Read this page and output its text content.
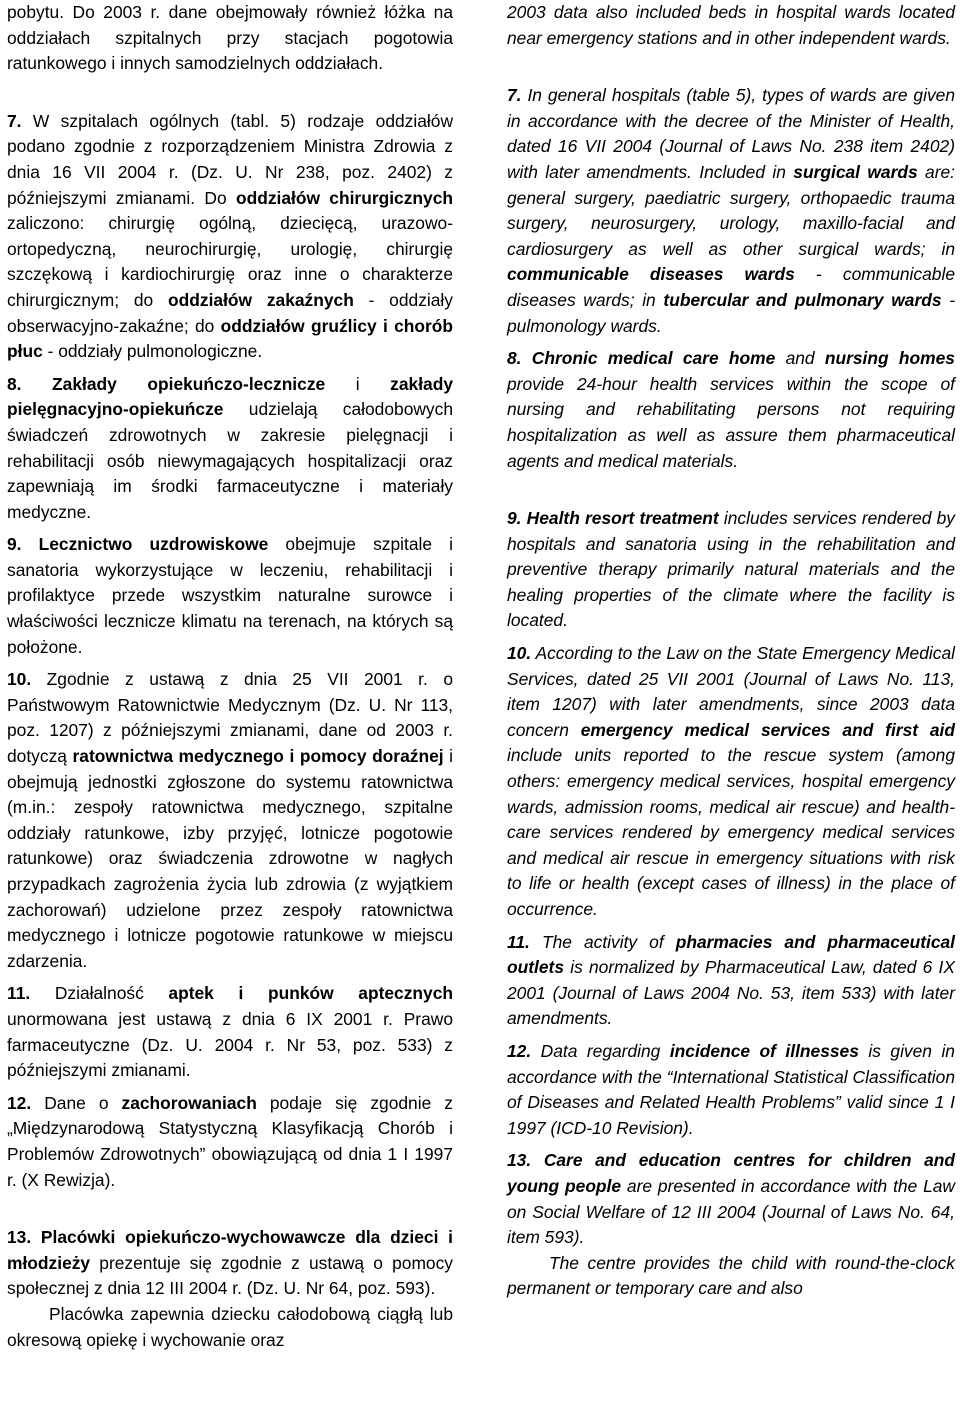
pobytu. Do 2003 r. dane obejmowały również łóżka na oddziałach szpitalnych przy stacjach pogotowia ratunkowego i innych samodzielnych oddziałach.

7. W szpitalach ogólnych (tabl. 5) rodzaje oddziałów podano zgodnie z rozporządzeniem Ministra Zdrowia z dnia 16 VII 2004 r. (Dz. U. Nr 238, poz. 2402) z późniejszymi zmianami. Do oddziałów chirurgicznych zaliczono: chirurgię ogólną, dziecięcą, urazowo-ortopedyczną, neurochirurgię, urologię, chirurgię szczękową i kardiochirurgię oraz inne o charakterze chirurgicznym; do oddziałów zakaźnych - oddziały obserwacyjno-zakaźne; do oddziałów gruźlicy i chorób płuc - oddziały pulmonologiczne.

8. Zakłady opiekuńczo-lecznicze i zakłady pielęgnacyjno-opiekuńcze udzielają całodobowych świadczeń zdrowotnych w zakresie pielęgnacji i rehabilitacji osób niewymagających hospitalizacji oraz zapewniają im środki farmaceutyczne i materiały medyczne.

9. Lecznictwo uzdrowiskowe obejmuje szpitale i sanatoria wykorzystujące w leczeniu, rehabilitacji i profilaktyce przede wszystkim naturalne surowce i właściwości lecznicze klimatu na terenach, na których są położone.

10. Zgodnie z ustawą z dnia 25 VII 2001 r. o Państwowym Ratownictwie Medycznym (Dz. U. Nr 113, poz. 1207) z późniejszymi zmianami, dane od 2003 r. dotyczą ratownictwa medycznego i pomocy doraźnej i obejmują jednostki zgłoszone do systemu ratownictwa (m.in.: zespoły ratownictwa medycznego, szpitalne oddziały ratunkowe, izby przyjęć, lotnicze pogotowie ratunkowe) oraz świadczenia zdrowotne w nagłych przypadkach zagrożenia życia lub zdrowia (z wyjątkiem zachorowań) udzielone przez zespoły ratownictwa medycznego i lotnicze pogotowie ratunkowe w miejscu zdarzenia.

11. Działalność aptek i punków aptecznych unormowana jest ustawą z dnia 6 IX 2001 r. Prawo farmaceutyczne (Dz. U. 2004 r. Nr 53, poz. 533) z późniejszymi zmianami.

12. Dane o zachorowaniach podaje się zgodnie z „Międzynarodową Statystyczną Klasyfikacją Chorób i Problemów Zdrowotnych” obowiązującą od dnia 1 I 1997 r. (X Rewizja).

13. Placówki opiekuńczo-wychowawcze dla dzieci i młodzieży prezentuje się zgodnie z ustawą o pomocy społecznej z dnia 12 III 2004 r. (Dz. U. Nr 64, poz. 593).

Placówka zapewnia dziecku całodobową ciągłą lub okresową opiekę i wychowanie oraz

2003 data also included beds in hospital wards located near emergency stations and in other independent wards.

7. In general hospitals (table 5), types of wards are given in accordance with the decree of the Minister of Health, dated 16 VII 2004 (Journal of Laws No. 238 item 2402) with later amendments. Included in surgical wards are: general surgery, paediatric surgery, orthopaedic trauma surgery, neurosurgery, urology, maxillo-facial and cardiosurgery as well as other surgical wards; in communicable diseases wards - communicable diseases wards; in tubercular and pulmonary wards - pulmonology wards.

8. Chronic medical care home and nursing homes provide 24-hour health services within the scope of nursing and rehabilitating persons not requiring hospitalization as well as assure them pharmaceutical agents and medical materials.

9. Health resort treatment includes services rendered by hospitals and sanatoria using in the rehabilitation and preventive therapy primarily natural materials and the healing properties of the climate where the facility is located.

10. According to the Law on the State Emergency Medical Services, dated 25 VII 2001 (Journal of Laws No. 113, item 1207) with later amendments, since 2003 data concern emergency medical services and first aid include units reported to the rescue system (among others: emergency medical services, hospital emergency wards, admission rooms, medical air rescue) and health-care services rendered by emergency medical services and medical air rescue in emergency situations with risk to life or health (except cases of illness) in the place of occurrence.

11. The activity of pharmacies and pharmaceutical outlets is normalized by Pharmaceutical Law, dated 6 IX 2001 (Journal of Laws 2004 No. 53, item 533) with later amendments.

12. Data regarding incidence of illnesses is given in accordance with the “International Statistical Classification of Diseases and Related Health Problems” valid since 1 I 1997 (ICD-10 Revision).

13. Care and education centres for children and young people are presented in accordance with the Law on Social Welfare of 12 III 2004 (Journal of Laws No. 64, item 593).

The centre provides the child with round-the-clock permanent or temporary care and also
